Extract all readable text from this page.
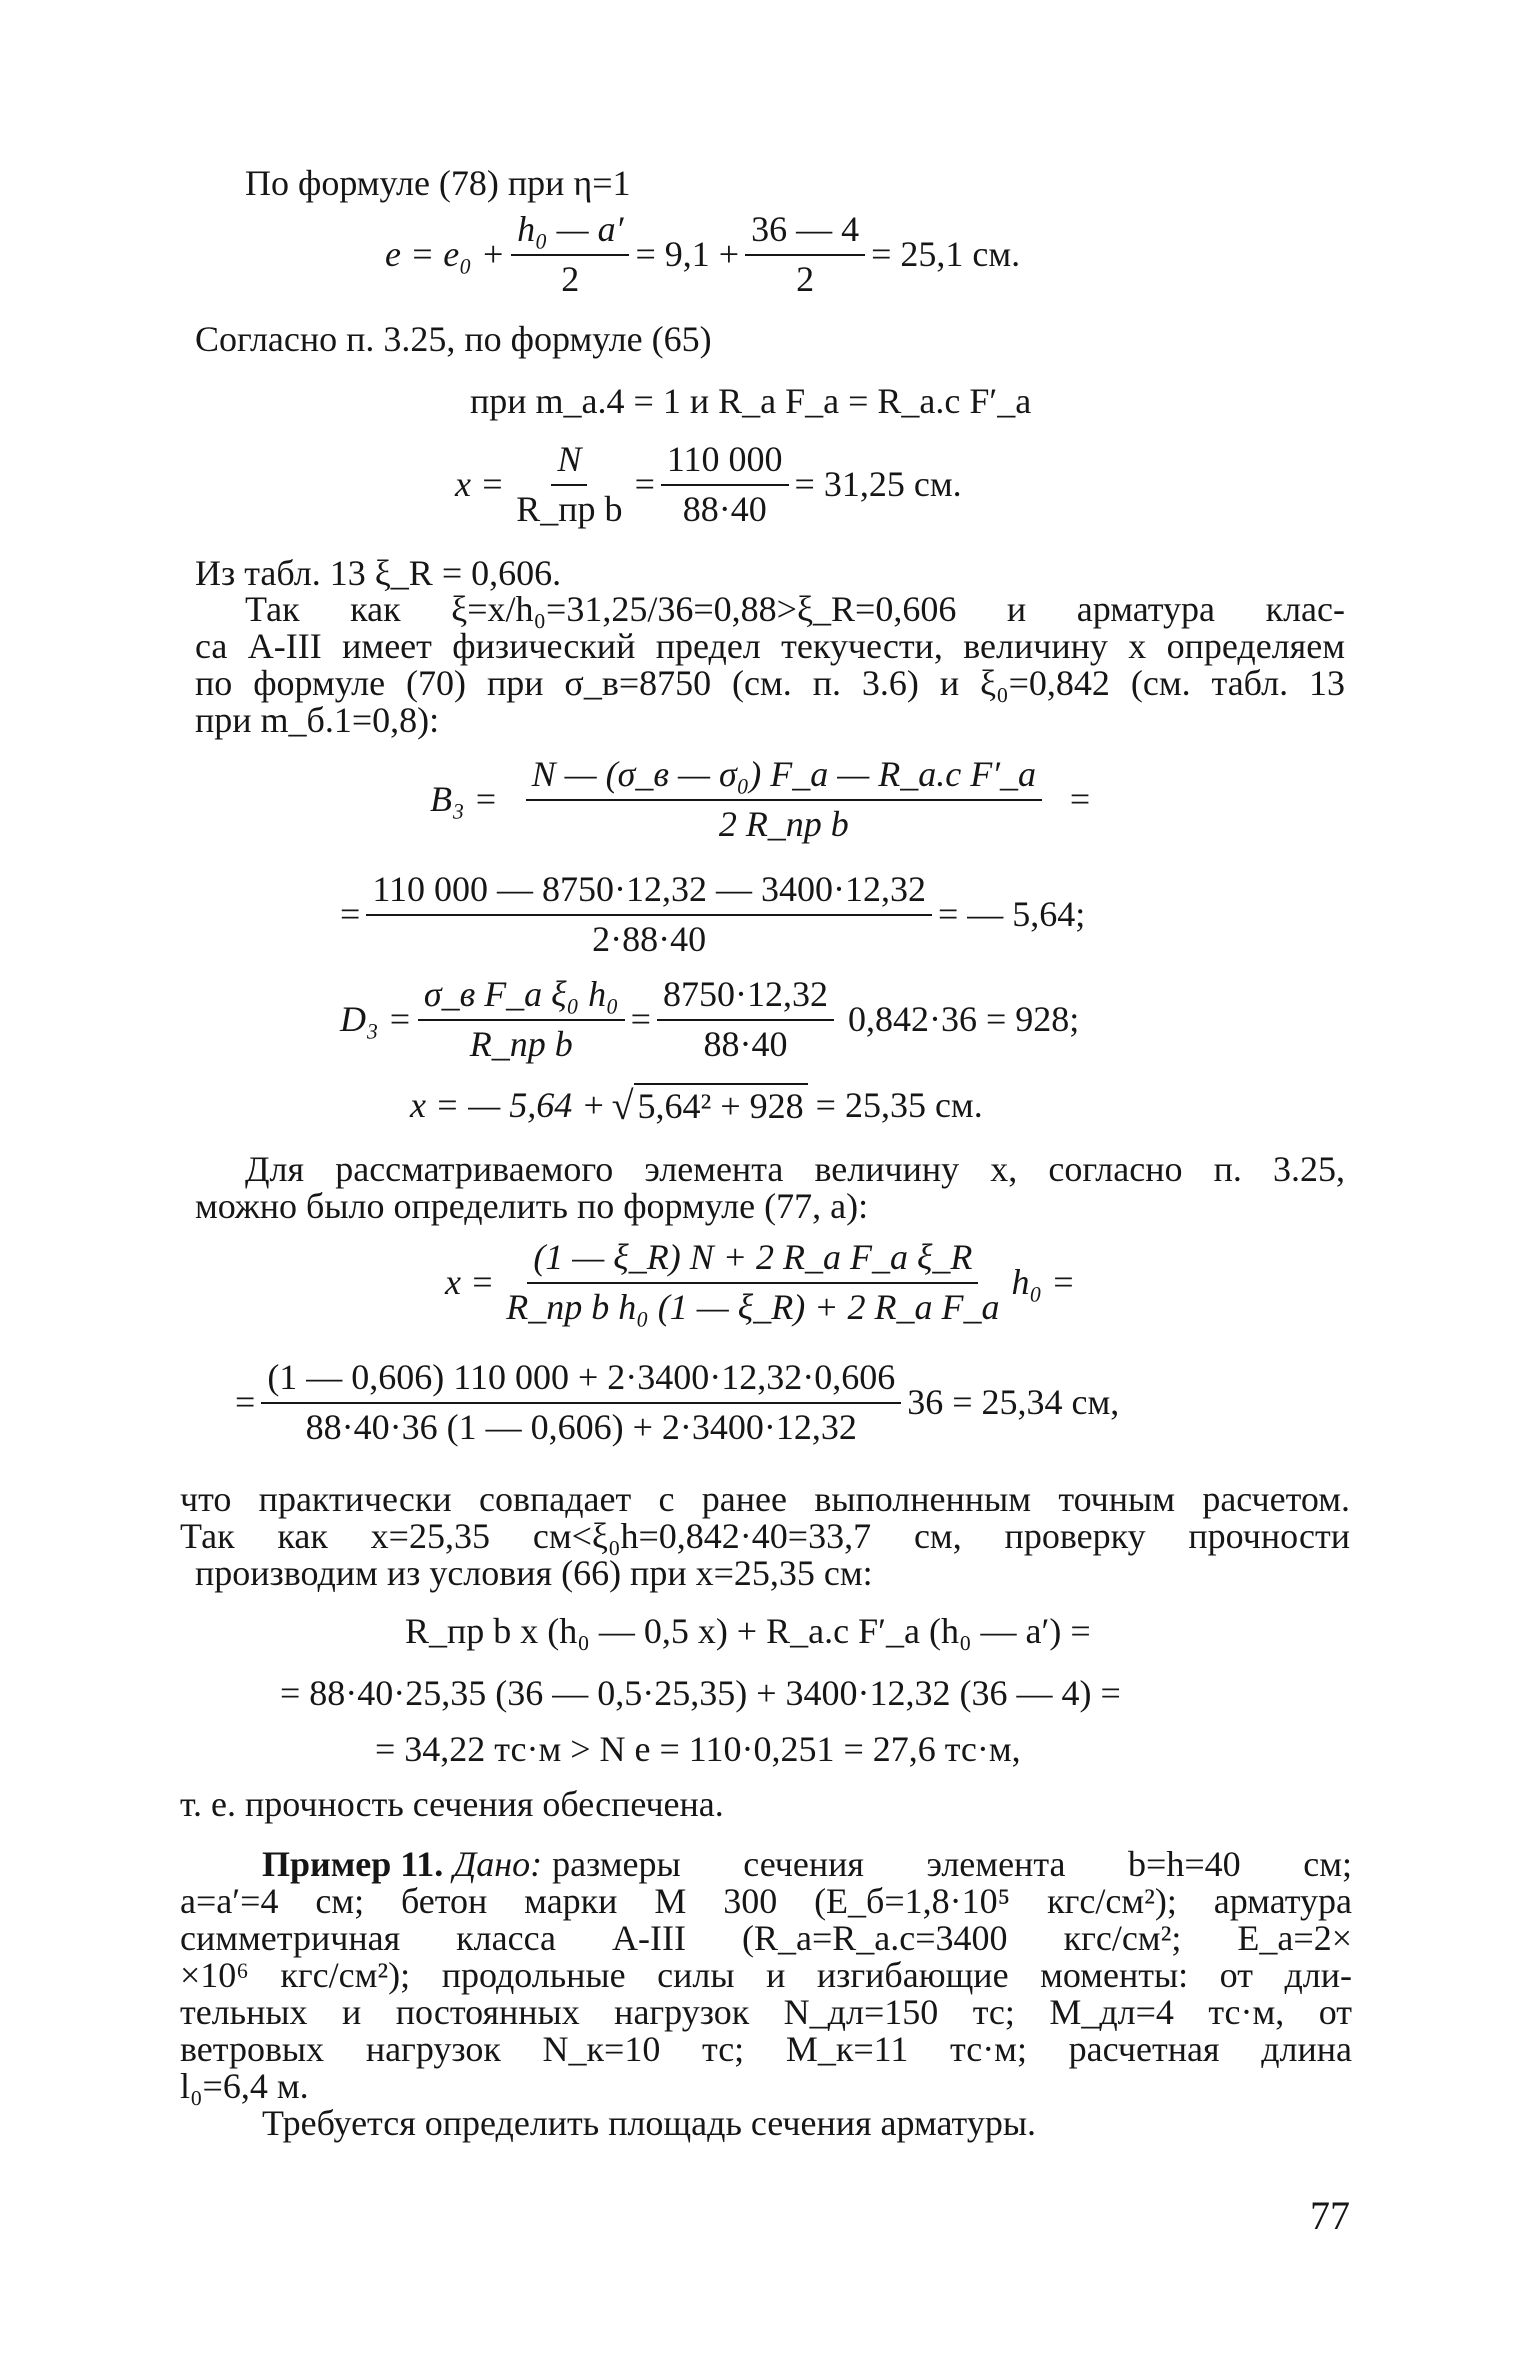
По формуле (78) при η=1
$e = e_0 + \frac{\text{h₀ — a′}}{2} = 9,1 + \frac{36 — 4}{2} = 25,1$ см.
Согласно п. 3.25, по формуле (65)
при m_а.4 = 1 и R_а F_а = R_а.с F′_а
$x = \frac{N}{\text{R\_пр b}} = \frac{110 000}{88\cdot 40} = 31,25$ см.
Из табл. 13 ξ_R = 0,606.
Так как ξ=x/h₀=31,25/36=0,88>ξ_R=0,606 и арматура клас-
са А-III имеет физический предел текучести, величину x определяем
по формуле (70) при σ_в=8750 (см. п. 3.6) и ξ₀=0,842 (см. табл. 13
при m_б.1=0,8):
$B_3 = \frac{\text{N — (σ\_в — σ₀) F\_а — R\_а.с F′\_а}}{\text{2 R\_пр b}}$ =
= $\frac{110 000 — 8750\cdot 12,32 — 3400\cdot 12,32}{2\cdot 88\cdot 40}$ = — 5,64;
$D_3 = \frac{\text{σ\_в F\_а ξ₀ h₀}}{\text{R\_пр b}} = \frac{8750\cdot 12,32}{88\cdot 40} 0,842\cdot 36 = 928$;
x = — 5,64 + √ 5,64² + 928 = 25,35 см.
Для рассматриваемого элемента величину x, согласно п. 3.25,
можно было определить по формуле (77, а):
$x = \frac{\text{(1 — ξ\_R) N + 2 R\_а F\_а ξ\_R}}{\text{R\_пр b h₀ (1 — ξ\_R) + 2 R\_а F\_а}} h_0$ =
= $\frac{(1 — 0,606) 110 000 + 2\cdot 3400\cdot 12,32\cdot 0,606}{88\cdot 40\cdot 36 (1 — 0,606) + 2\cdot 3400\cdot 12,32} 36 = 25,34$ см,
что практически совпадает с ранее выполненным точным расчетом.
Так как x=25,35 см<ξ₀h=0,842·40=33,7 см, проверку прочности
производим из условия (66) при x=25,35 см:
R_пр b x (h₀ — 0,5 x) + R_а.с F′_а (h₀ — a′) =
= 88·40·25,35 (36 — 0,5·25,35) + 3400·12,32 (36 — 4) =
= 34,22 тс·м > N e = 110·0,251 = 27,6 тс·м,
т. е. прочность сечения обеспечена.
Пример 11. Дано: размеры сечения элемента b=h=40 см;
a=a′=4 см; бетон марки М 300 (E_б=1,8·10⁵ кгс/см²); арматура
симметричная класса А-III (R_а=R_а.с=3400 кгс/см²; E_а=2×
×10⁶ кгс/см²); продольные силы и изгибающие моменты: от дли-
тельных и постоянных нагрузок N_дл=150 тс; M_дл=4 тс·м, от
ветровых нагрузок N_к=10 тс; M_к=11 тс·м; расчетная длина
l₀=6,4 м.
Требуется определить площадь сечения арматуры.
77
